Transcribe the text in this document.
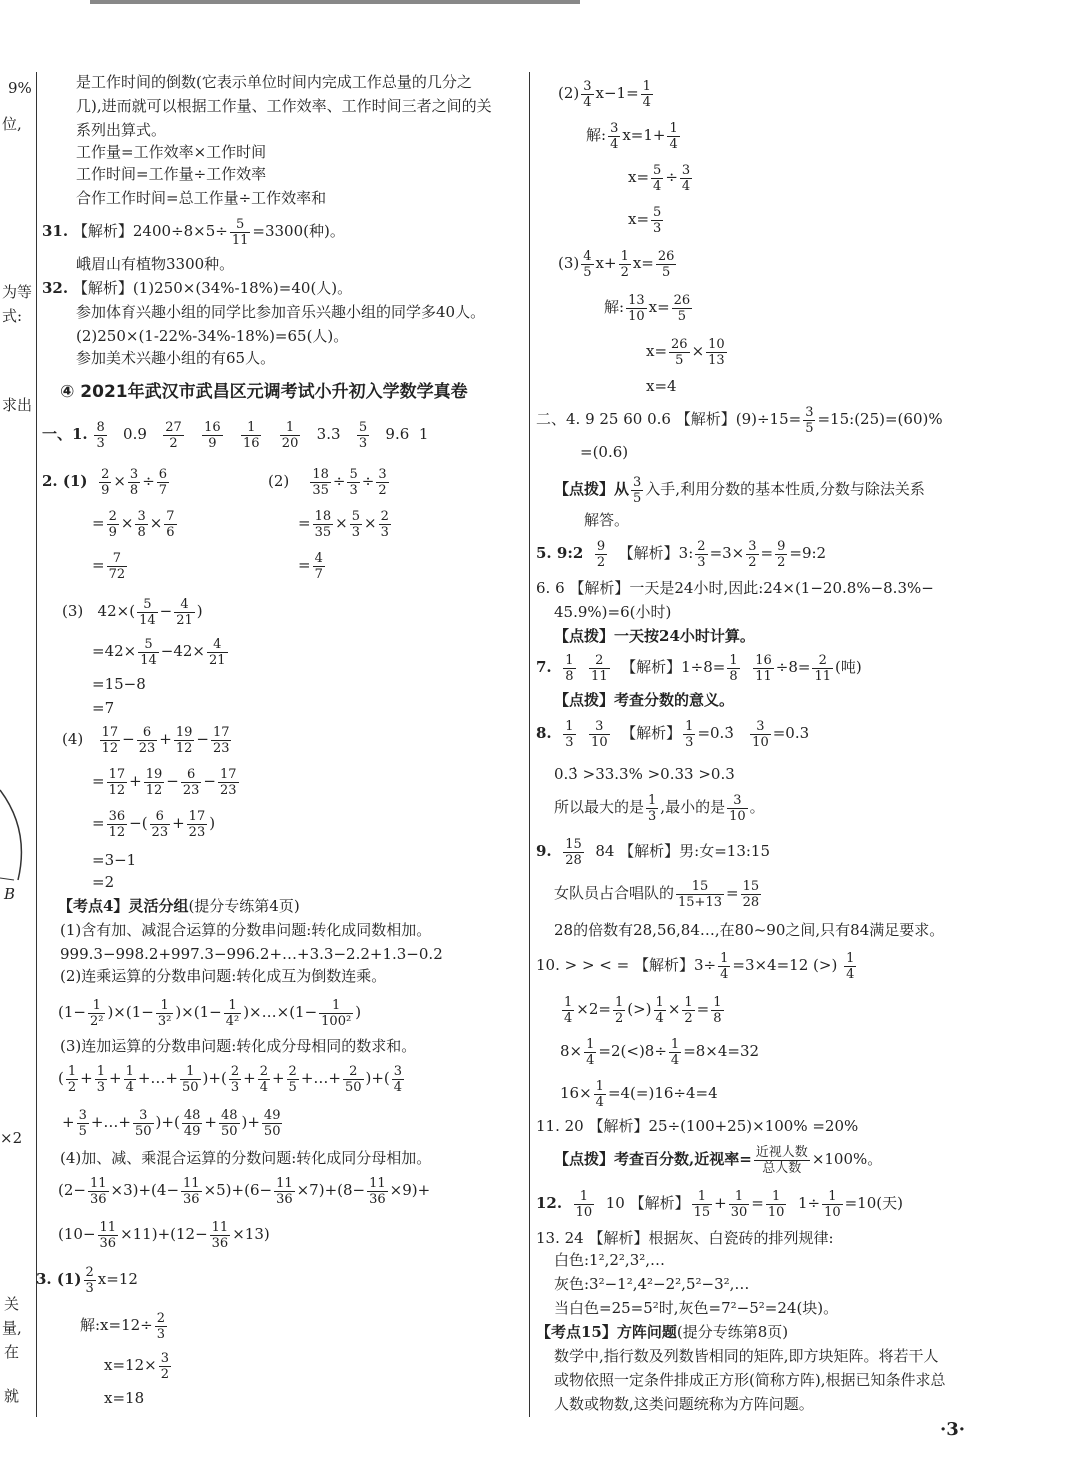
9%
位,
为等
式:
求出
B
×2
关
量,
在
就
是工作时间的倒数(它表示单位时间内完成工作总量的几分之
几),进而就可以根据工作量、工作效率、工作时间三者之间的关
系列出算式。
工作量=工作效率×工作时间
工作时间=工作量÷工作效率
合作工作时间=总工作量÷工作效率和
31. 【解析】$2400\div 8\times 5\div \frac{5}{11} =3300$(种)。
峨眉山有植物3300种。
32. 【解析】(1)250×(34%-18%)=40(人)。
参加体育兴趣小组的同学比参加音乐兴趣小组的同学多40人。
(2)250×(1-22%-34%-18%)=65(人)。
参加美术兴趣小组的有65人。
④ 2021年武汉市武昌区元调考试小升初入学数学真卷
一、1. $\frac{8}{3} 0.9 \frac{27}{2}$
$\frac{16}{9}$
$\frac{1}{16}$
$\frac{1}{20} 3.3 \frac{5}{3} 9.6$ 1
2. $(1) \frac{2}{9} \times \frac{3}{8} \div \frac{6}{7}$
= $\frac{2}{9} \times \frac{3}{8} \times \frac{7}{6}$
= $\frac{7}{72}$
$(2) \frac{18}{35} \div \frac{5}{3} \div \frac{3}{2}$
= $\frac{18}{35} \times \frac{5}{3} \times \frac{2}{3}$
= $\frac{4}{7}$
(3)   $42\times( \frac{5}{14} - \frac{4}{21}$ )
$=42\times \frac{5}{14} -42\times \frac{4}{21}$
=15−8
=7
$(4) \frac{17}{12} - \frac{6}{23} + \frac{19}{12} - \frac{17}{23}$
= $\frac{17}{12} + \frac{19}{12} - \frac{6}{23} - \frac{17}{23}$
= $\frac{36}{12}$ −( $\frac{6}{23} + \frac{17}{23}$ )
=3−1
=2
【考点4】灵活分组(提分专练第4页)
(1)含有加、减混合运算的分数串问题:转化成同数相加。
999.3−998.2+997.3−996.2+…+3.3−2.2+1.3−0.2
(2)连乘运算的分数串问题:转化成互为倒数连乘。
$(1- \frac{1}{\text{2²}} )\times(1- \frac{1}{\text{3²}} )\times(1- \frac{1}{\text{4²}}$ )×…×(1− $\frac{1}{\text{100²}}$ )
(3)连加运算的分数串问题:转化成分母相同的数求和。
( $\frac{1}{2} + \frac{1}{3} + \frac{1}{4}$ +…+ $\frac{1}{50}$ )+( $\frac{2}{3} + \frac{2}{4} + \frac{2}{5}$ +…+ $\frac{2}{50}$ )+( $\frac{3}{4}$
+ $\frac{3}{5}$ +…+ $\frac{3}{50}$ )+( $\frac{48}{49} + \frac{48}{50}$ )+ $\frac{49}{50}$
(4)加、减、乘混合运算的分数问题:转化成同分母相加。
$(2- \frac{11}{36} \times 3)+(4- \frac{11}{36} \times 5)+(6- \frac{11}{36} \times 7)+(8- \frac{11}{36} \times 9)+$
$(10- \frac{11}{36} \times 11)+(12- \frac{11}{36} \times 13)$
3. $(1) \frac{2}{3} x=12$
解:x=12÷ $\frac{2}{3}$
$x=12\times \frac{3}{2}$
x=18
$(2) \frac{3}{4} x-1= \frac{1}{4}$
解: $\frac{3}{4} x=1+ \frac{1}{4}$
$x= \frac{5}{4} \div \frac{3}{4}$
$x= \frac{5}{3}$
$(3) \frac{4}{5} x+ \frac{1}{2} x= \frac{26}{5}$
解: $\frac{13}{10} x= \frac{26}{5}$
$x= \frac{26}{5} \times \frac{10}{13}$
x=4
二、4. 9 25 60 0.6 【解析】$(9)\div 15= \frac{3}{5}$ =15:(25)=(60)%
=(0.6)
【点拨】从 $\frac{3}{5}$ 入手,利用分数的基本性质,分数与除法关系
解答。
5. 9:2 $\frac{9}{2}$ 【解析】3: $\frac{2}{3} =3\times \frac{3}{2} = \frac{9}{2}$ =9:2
6. 6 【解析】一天是24小时,因此:24×(1−20.8%−8.3%−
45.9%)=6(小时)
【点拨】一天按24小时计算。
7. $\frac{1}{8}$
$\frac{2}{11}$ 【解析】$1\div 8= \frac{1}{8}$
$\frac{16}{11} \div 8= \frac{2}{11}$ (吨)
【点拨】考查分数的意义。
8. $\frac{1}{3}$
$\frac{3}{10}$ 【解析】 $\frac{1}{3}$ =0.3̇ $\frac{3}{10} =0.3$
0.3̇ >33.3% >0.33 >0.3
所以最大的是 $\frac{1}{3}$ ,最小的是 $\frac{3}{10}$ 。
9. $\frac{15}{28} 84$ 【解析】男:女=13:15
女队员占合唱队的 $\frac{15}{15+13} = \frac{15}{28}$
28的倍数有28,56,84…,在80~90之间,只有84满足要求。
10. > > < = 【解析】$3\div \frac{1}{4} =3\times 4=12$ (>) $\frac{1}{4}$
$\frac{1}{4} \times 2= \frac{1}{2}$ (>) $\frac{1}{4} \times \frac{1}{2} = \frac{1}{8}$
$8\times \frac{1}{4} =2(<)8\div \frac{1}{4} =8\times 4=32$
$16\times \frac{1}{4} =4(=)16\div 4=4$
11. 20 【解析】25÷(100+25)×100% =20%
【点拨】考查百分数,近视率= $\frac{\text{近视人数}}{\text{总人数}} \times 100\%$。
12. $\frac{1}{10} 10$ 【解析】 $\frac{1}{15} + \frac{1}{30} = \frac{1}{10} 1\div \frac{1}{10} =10$(天)
13. 24 【解析】根据灰、白瓷砖的排列规律:
白色:1²,2²,3²,…
灰色:3²−1²,4²−2²,5²−3²,…
当白色=25=5²时,灰色=7²−5²=24(块)。
【考点15】方阵问题(提分专练第8页)
数学中,指行数及列数皆相同的矩阵,即方块矩阵。将若干人
或物依照一定条件排成正方形(简称方阵),根据已知条件求总
人数或物数,这类问题统称为方阵问题。
·3·
